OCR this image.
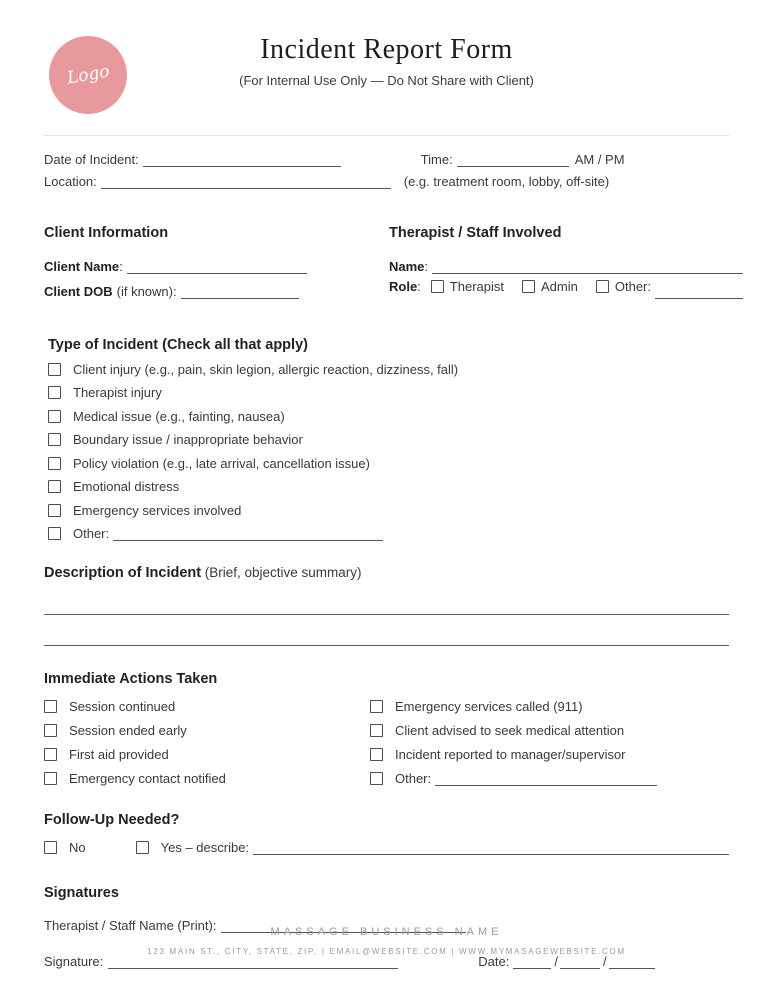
Logo
Incident Report Form
(For Internal Use Only — Do Not Share with Client)
Date of Incident:	Time:	AM / PM
Location:	(e.g. treatment room, lobby, off-site)
Client Information
Client Name :
Client DOB (if known):
Therapist / Staff Involved
Name :
Role : Therapist	Admin	Other:
Type of Incident (Check all that apply)
Client injury (e.g., pain, skin legion, allergic reaction, dizziness, fall)
Therapist injury
Medical issue (e.g., fainting, nausea)
Boundary issue / inappropriate behavior
Policy violation (e.g., late arrival, cancellation issue)
Emotional distress
Emergency services involved
Other:
Description of Incident (Brief, objective summary)
Immediate Actions Taken
Session continued
Session ended early
First aid provided
Emergency contact notified
Emergency services called (911)
Client advised to seek medical attention
Incident reported to manager/supervisor
Other:
Follow-Up Needed?
No	Yes – describe:
Signatures
Therapist / Staff Name (Print):
Signature:	Date:	/	/
MASSAGE BUSINESS NAME
123 MAIN ST., CITY, STATE, ZIP, | EMAIL@WEBSITE.COM | WWW.MYMASAGEWEBSITE.COM
